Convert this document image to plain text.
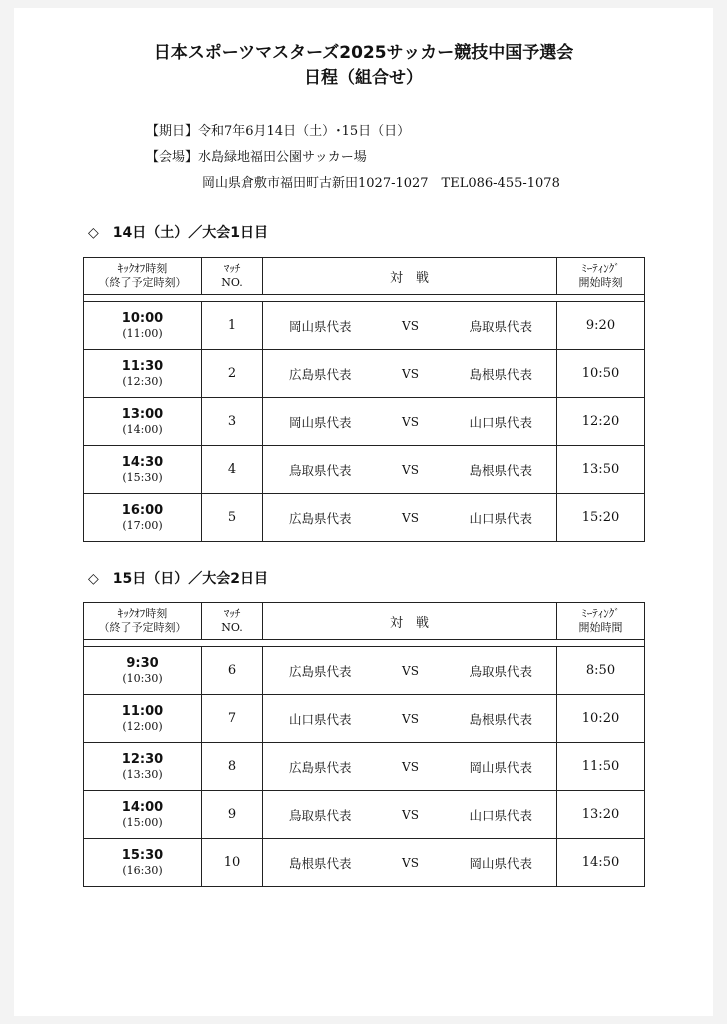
日本スポーツマスターズ2025サッカー競技中国予選会
日程（組合せ）
【期日】令和7年6月14日（土）･15日（日）
【会場】水島緑地福田公園サッカー場
岡山県倉敷市福田町古新田1027-1027　TEL086-455-1078
◇ 14日（土）／大会1日目
ｷｯｸｵﾌ時刻
（終了予定時刻）	ﾏｯﾁ
NO.	対　戦	ﾐｰﾃｨﾝｸﾞ
開始時刻

10:00
(11:00)	1	岡山県代表 VS 鳥取県代表	9:20

11:30
(12:30)	2	広島県代表 VS 島根県代表	10:50

13:00
(14:00)	3	岡山県代表 VS 山口県代表	12:20

14:30
(15:30)	4	鳥取県代表 VS 島根県代表	13:50

16:00
(17:00)	5	広島県代表 VS 山口県代表	15:20
◇ 15日（日）／大会2日目
ｷｯｸｵﾌ時刻
（終了予定時刻）	ﾏｯﾁ
NO.	対　戦	ﾐｰﾃｨﾝｸﾞ
開始時間

9:30
(10:30)	6	広島県代表 VS 鳥取県代表	8:50

11:00
(12:00)	7	山口県代表 VS 島根県代表	10:20

12:30
(13:30)	8	広島県代表 VS 岡山県代表	11:50

14:00
(15:00)	9	鳥取県代表 VS 山口県代表	13:20

15:30
(16:30)	10	島根県代表 VS 岡山県代表	14:50
